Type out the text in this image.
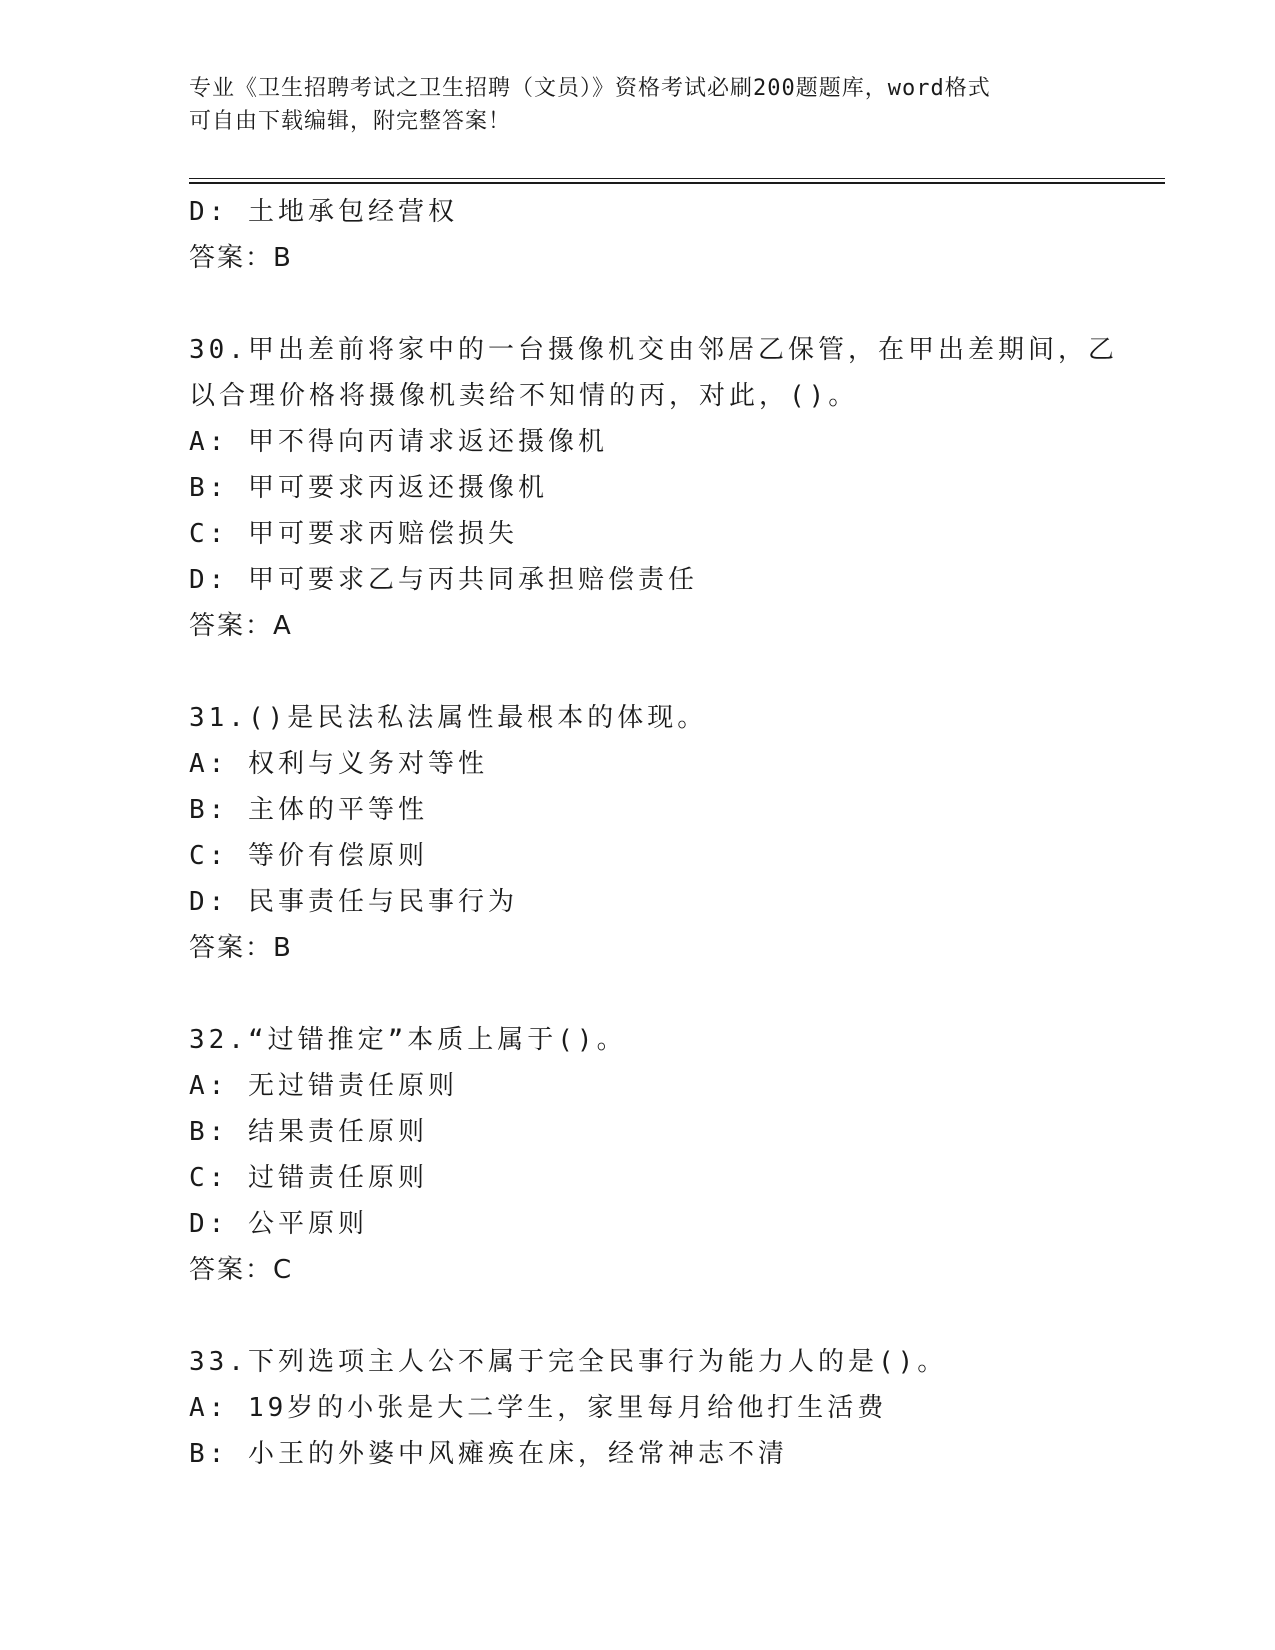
专业《卫生招聘考试之卫生招聘（文员）》资格考试必刷200题题库，word格式
可自由下载编辑，附完整答案！
D: 土地承包经营权
答案：B
30.甲出差前将家中的一台摄像机交由邻居乙保管，在甲出差期间，乙
以合理价格将摄像机卖给不知情的丙，对此，()。
A: 甲不得向丙请求返还摄像机
B: 甲可要求丙返还摄像机
C: 甲可要求丙赔偿损失
D: 甲可要求乙与丙共同承担赔偿责任
答案：A
31.()是民法私法属性最根本的体现。
A: 权利与义务对等性
B: 主体的平等性
C: 等价有偿原则
D: 民事责任与民事行为
答案：B
32.“过错推定”本质上属于()。
A: 无过错责任原则
B: 结果责任原则
C: 过错责任原则
D: 公平原则
答案：C
33.下列选项主人公不属于完全民事行为能力人的是()。
A: 19岁的小张是大二学生，家里每月给他打生活费
B: 小王的外婆中风瘫痪在床，经常神志不清
